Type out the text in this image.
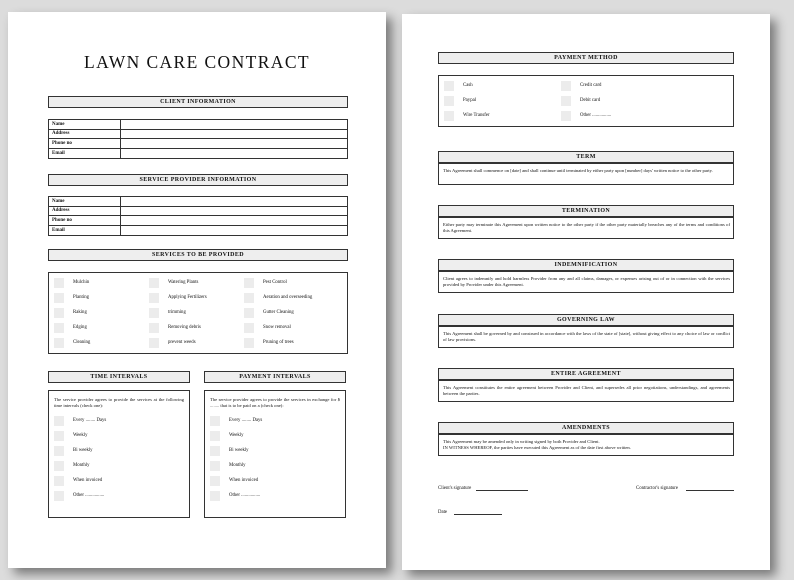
LAWN CARE CONTRACT
CLIENT INFORMATION
Name
Address
Phone no
Email
SERVICE PROVIDER INFORMATION
Name
Address
Phone no
Email
SERVICES TO BE PROVIDED
Mulchin
Planting
Raking
Edging
Cleaning
Watering Plants
Applying Fertilizers
trimming
Removing debris
prevent weeds
Pest Control
Aeration and overseeding
Gutter Cleaning
Snow removal
Pruning of trees
TIME INTERVALS
The service provider agrees to provide the services at the following time intervals (check one):
Every ........ Days
Weekly
Bi weekly
Monthly
When invoiced
Other ................
PAYMENT INTERVALS
The service provider agrees to provide the services in exchange for $ ........ that is to be paid on a (check one):
Every ........ Days
Weekly
Bi weekly
Monthly
When invoiced
Other ................
PAYMENT METHOD
Cash
Paypal
Wire Transfer
Credit card
Debit card
Other ................
TERM
This Agreement shall commence on [date] and shall continue until terminated by either party upon [number] days' written notice to the other party.
TERMINATION
Either party may terminate this Agreement upon written notice to the other party if the other party materially breaches any of the terms and conditions of this Agreement.
INDEMNIFICATION
Client agrees to indemnify and hold harmless Provider from any and all claims, damages, or expenses arising out of or in connection with the services provided by Provider under this Agreement.
GOVERNING LAW
This Agreement shall be governed by and construed in accordance with the laws of the state of [state], without giving effect to any choice of law or conflict of law provisions.
ENTIRE AGREEMENT
This Agreement constitutes the entire agreement between Provider and Client, and supersedes all prior negotiations, understandings, and agreements between the parties.
AMENDMENTS
This Agreement may be amended only in writing signed by both Provider and Client.
IN WITNESS WHEREOF, the parties have executed this Agreement as of the date first above written.
Client's signature	Contractor's signature
Date
